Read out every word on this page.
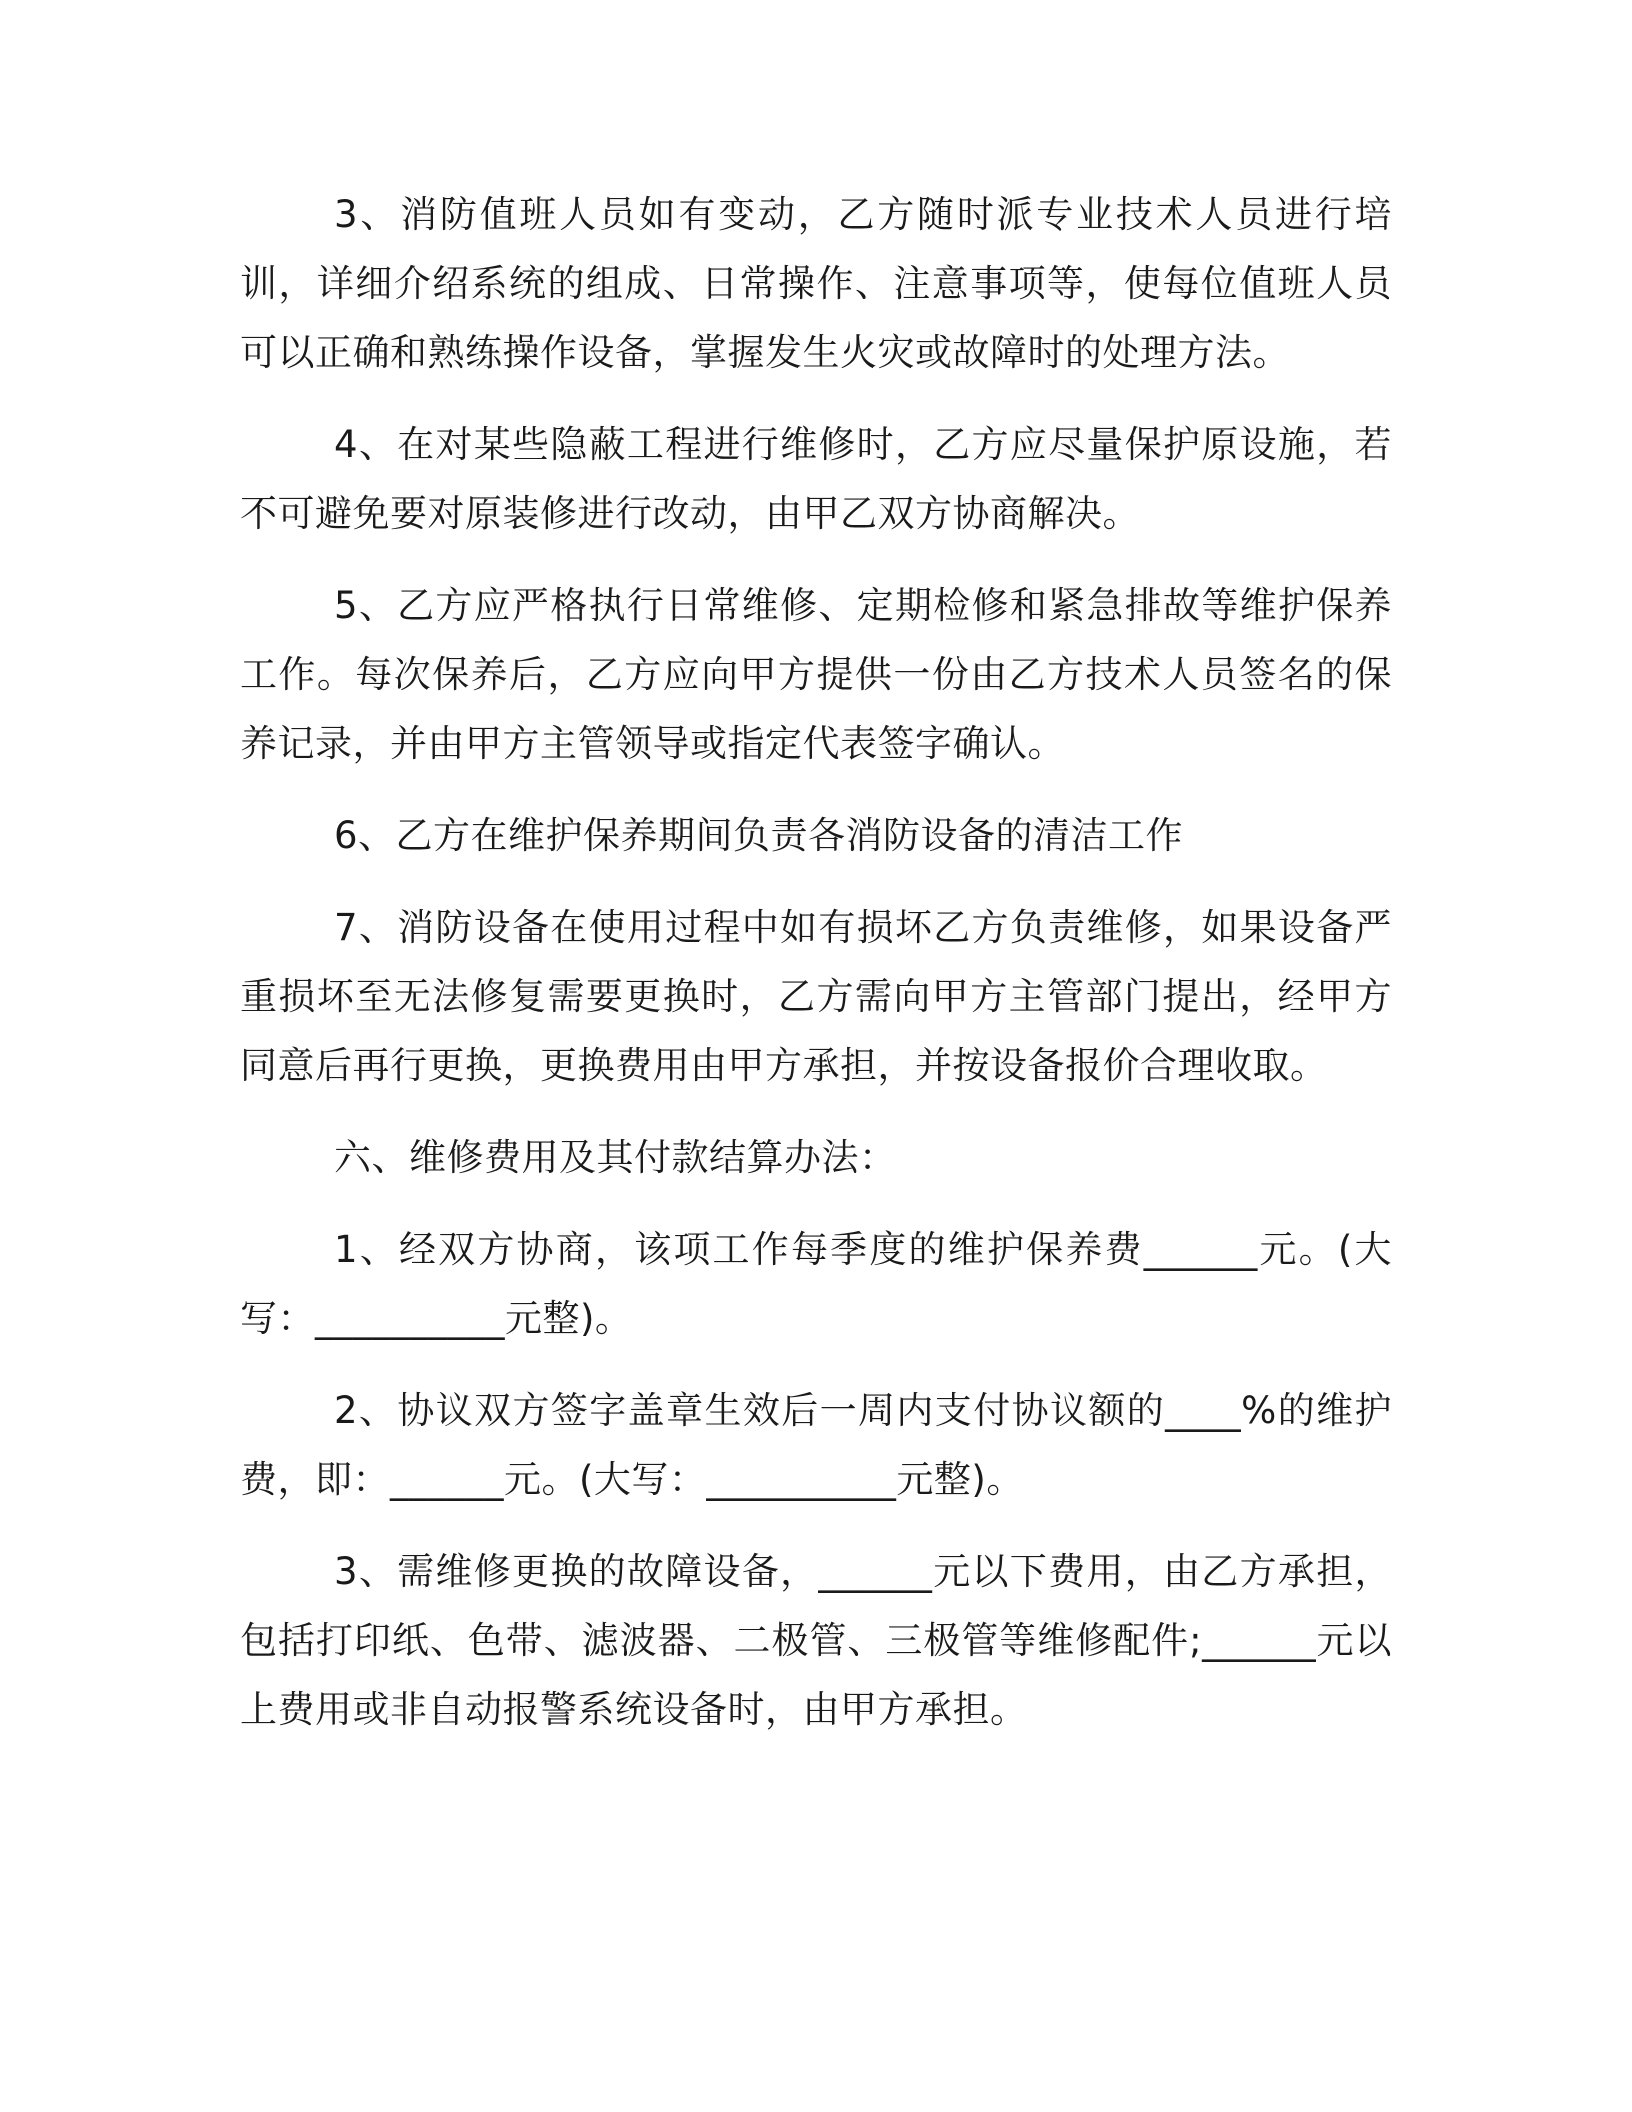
3、消防值班人员如有变动，乙方随时派专业技术人员进行培训，详细介绍系统的组成、日常操作、注意事项等，使每位值班人员可以正确和熟练操作设备，掌握发生火灾或故障时的处理方法。

4、在对某些隐蔽工程进行维修时，乙方应尽量保护原设施，若不可避免要对原装修进行改动，由甲乙双方协商解决。

5、乙方应严格执行日常维修、定期检修和紧急排故等维护保养工作。每次保养后，乙方应向甲方提供一份由乙方技术人员签名的保养记录，并由甲方主管领导或指定代表签字确认。

6、乙方在维护保养期间负责各消防设备的清洁工作

7、消防设备在使用过程中如有损坏乙方负责维修，如果设备严重损坏至无法修复需要更换时，乙方需向甲方主管部门提出，经甲方同意后再行更换，更换费用由甲方承担，并按设备报价合理收取。

六、维修费用及其付款结算办法：

1、经双方协商，该项工作每季度的维护保养费______元。(大写：__________元整)。

2、协议双方签字盖章生效后一周内支付协议额的____%的维护费，即：______元。(大写：__________元整)。

3、需维修更换的故障设备，______元以下费用，由乙方承担，包括打印纸、色带、滤波器、二极管、三极管等维修配件;______元以上费用或非自动报警系统设备时，由甲方承担。
